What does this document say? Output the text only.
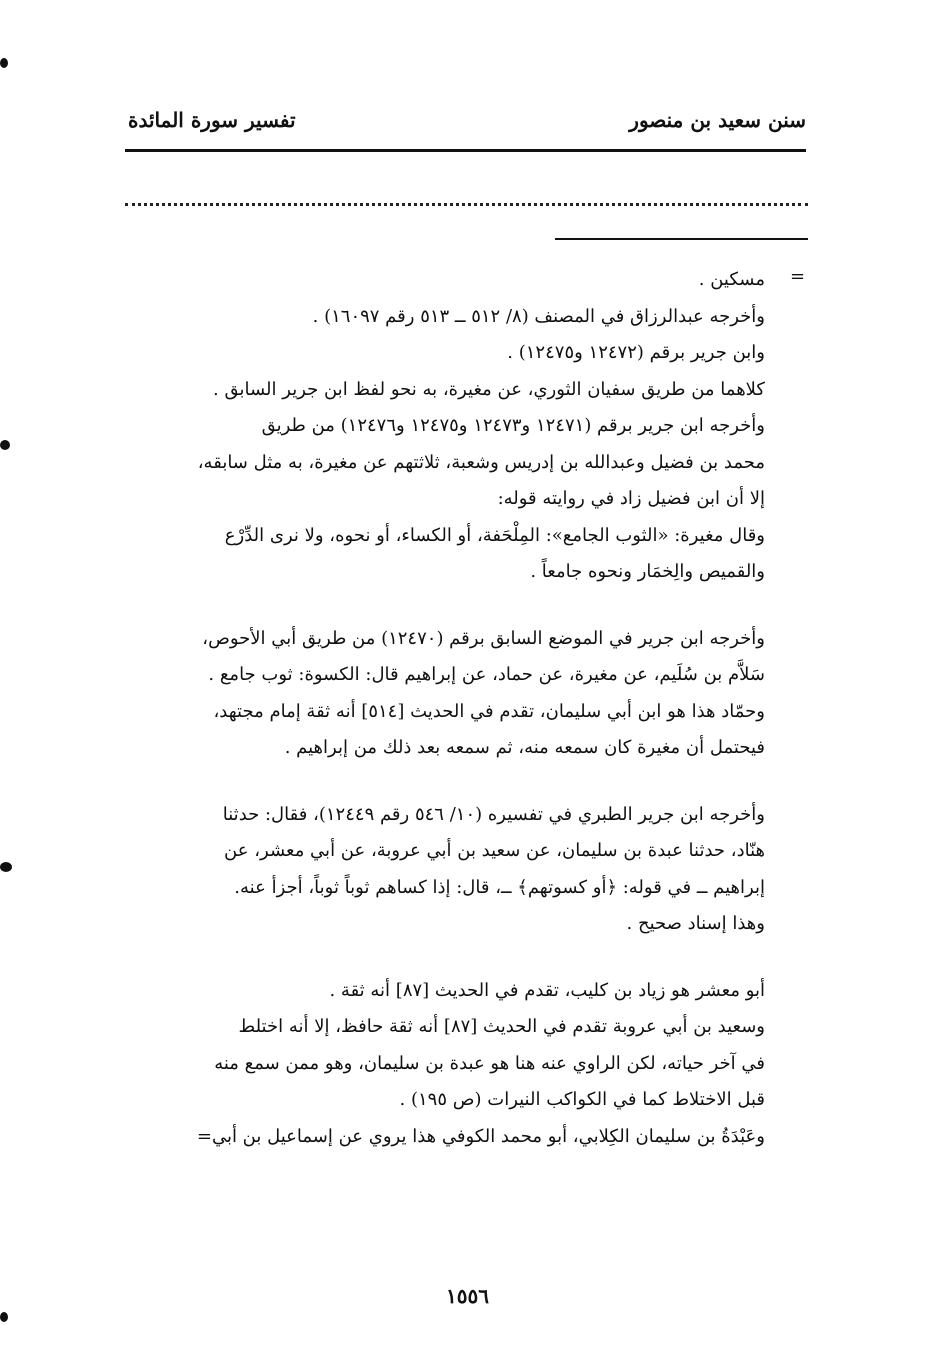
سنن سعيد بن منصور
تفسير سورة المائدة
=
مسكين .
وأخرجه عبدالرزاق في المصنف (٨/ ٥١٢ ــ ٥١٣ رقم ١٦٠٩٧) .
وابن جرير برقم (١٢٤٧٢ و١٢٤٧٥) .
كلاهما من طريق سفيان الثوري، عن مغيرة، به نحو لفظ ابن جرير السابق .
وأخرجه ابن جرير برقم (١٢٤٧١ و١٢٤٧٣ و١٢٤٧٥ و١٢٤٧٦) من طريق
محمد بن فضيل وعبدالله بن إدريس وشعبة، ثلاثتهم عن مغيرة، به مثل سابقه،
إلا أن ابن فضيل زاد في روايته قوله:
وقال مغيرة: «الثوب الجامع»: المِلْحَفة، أو الكساء، أو نحوه، ولا نرى الدِّرْع
والقميص والِخمَار ونحوه جامعاً .
وأخرجه ابن جرير في الموضع السابق برقم (١٢٤٧٠) من طريق أبي الأحوص،
سَلاَّم بن سُلَيم، عن مغيرة، عن حماد، عن إبراهيم قال: الكسوة: ثوب جامع .
وحمّاد هذا هو ابن أبي سليمان، تقدم في الحديث [٥١٤] أنه ثقة إمام مجتهد،
فيحتمل أن مغيرة كان سمعه منه، ثم سمعه بعد ذلك من إبراهيم .
وأخرجه ابن جرير الطبري في تفسيره (١٠/ ٥٤٦ رقم ١٢٤٤٩)، فقال: حدثنا
هنّاد، حدثنا عبدة بن سليمان، عن سعيد بن أبي عروبة، عن أبي معشر، عن
إبراهيم ــ في قوله: ﴿أو كسوتهم﴾ ــ، قال: إذا كساهم ثوباً ثوباً، أجزأ عنه.
وهذا إسناد صحيح .
أبو معشر هو زياد بن كليب، تقدم في الحديث [٨٧] أنه ثقة .
وسعيد بن أبي عروبة تقدم في الحديث [٨٧] أنه ثقة حافظ، إلا أنه اختلط
في آخر حياته، لكن الراوي عنه هنا هو عبدة بن سليمان، وهو ممن سمع منه
قبل الاختلاط كما في الكواكب النيرات (ص ١٩٥) .
وعَبْدَةُ بن سليمان الكِلابي، أبو محمد الكوفي هذا يروي عن إسماعيل بن أبي=
١٥٥٦
